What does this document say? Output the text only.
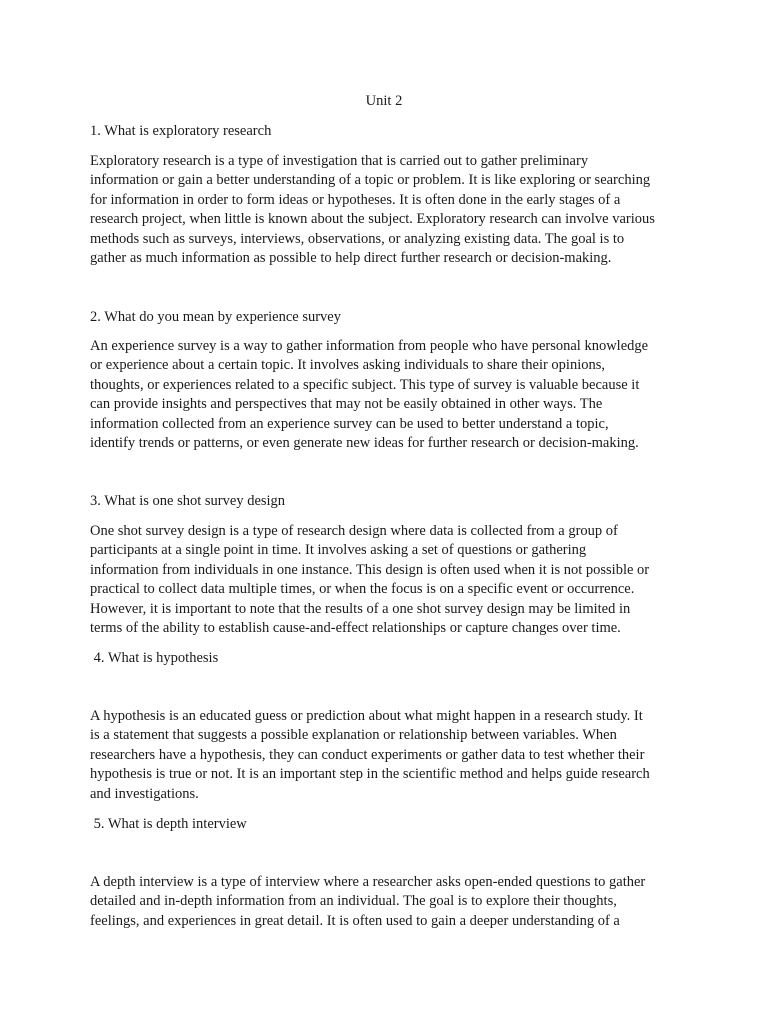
Unit 2
1. What is exploratory research
Exploratory research is a type of investigation that is carried out to gather preliminary
information or gain a better understanding of a topic or problem. It is like exploring or searching
for information in order to form ideas or hypotheses. It is often done in the early stages of a
research project, when little is known about the subject. Exploratory research can involve various
methods such as surveys, interviews, observations, or analyzing existing data. The goal is to
gather as much information as possible to help direct further research or decision-making.
2. What do you mean by experience survey
An experience survey is a way to gather information from people who have personal knowledge
or experience about a certain topic. It involves asking individuals to share their opinions,
thoughts, or experiences related to a specific subject. This type of survey is valuable because it
can provide insights and perspectives that may not be easily obtained in other ways. The
information collected from an experience survey can be used to better understand a topic,
identify trends or patterns, or even generate new ideas for further research or decision-making.
3. What is one shot survey design
One shot survey design is a type of research design where data is collected from a group of
participants at a single point in time. It involves asking a set of questions or gathering
information from individuals in one instance. This design is often used when it is not possible or
practical to collect data multiple times, or when the focus is on a specific event or occurrence.
However, it is important to note that the results of a one shot survey design may be limited in
terms of the ability to establish cause-and-effect relationships or capture changes over time.
4. What is hypothesis
A hypothesis is an educated guess or prediction about what might happen in a research study. It
is a statement that suggests a possible explanation or relationship between variables. When
researchers have a hypothesis, they can conduct experiments or gather data to test whether their
hypothesis is true or not. It is an important step in the scientific method and helps guide research
and investigations.
5. What is depth interview
A depth interview is a type of interview where a researcher asks open-ended questions to gather
detailed and in-depth information from an individual. The goal is to explore their thoughts,
feelings, and experiences in great detail. It is often used to gain a deeper understanding of a
